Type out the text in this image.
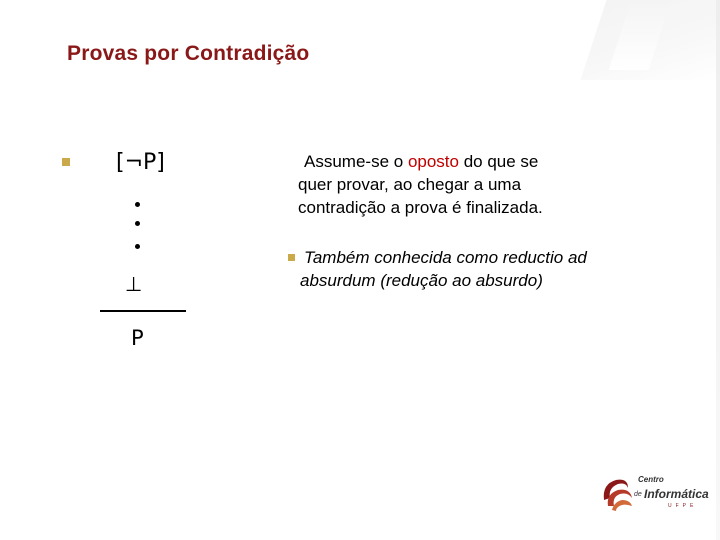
Provas por Contradição
[¬P]
⊥
P
Assume-se o oposto do que se
quer provar, ao chegar a uma
contradição a prova é finalizada.
Também conhecida como reductio ad
absurdum (redução ao absurdo)
Centro
de Informática
UFPE
